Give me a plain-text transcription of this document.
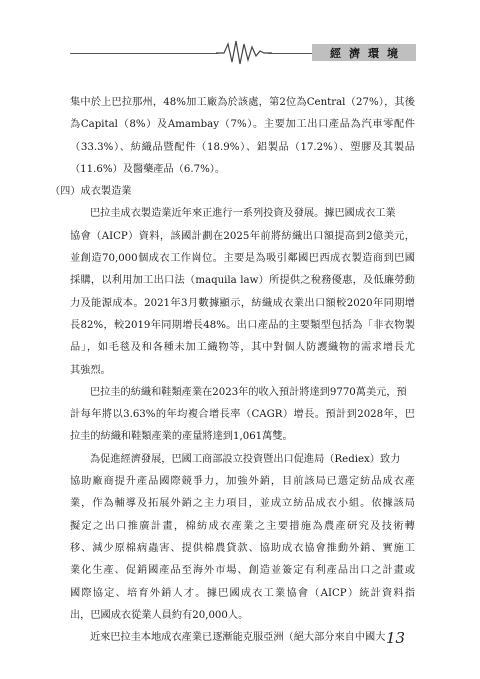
經濟環境
集中於上巴拉那州，48%加工廠為於該處，第2位為Central（27%），其後
為Capital（8%）及Amambay（7%）。主要加工出口產品為汽車零配件
（33.3%）、紡織品暨配件（18.9%）、鋁製品（17.2%）、塑膠及其製品
（11.6%）及醫藥產品（6.7%）。
（四）成衣製造業
巴拉圭成衣製造業近年來正進行一系列投資及發展。據巴國成衣工業
協會（AICP）資料，該國計劃在2025年前將紡織出口額提高到2億美元，
並創造70,000個成衣工作崗位。主要是為吸引鄰國巴西成衣製造商到巴國
採購，以利用加工出口法（maquila law）所提供之稅務優惠，及低廉勞動
力及能源成本。2021年3月數據顯示，紡織成衣業出口額較2020年同期增
長82%，較2019年同期增長48%。出口產品的主要類型包括為「非衣物製
品」，如毛毯及和各種未加工織物等，其中對個人防護織物的需求增長尤
其強烈。
巴拉圭的紡織和鞋類產業在2023年的收入預計將達到9770萬美元，預
計每年將以3.63%的年均複合增長率（CAGR）增長。預計到2028年，巴
拉圭的紡織和鞋類產業的產量將達到1,061萬雙。
為促進經濟發展，巴國工商部設立投資暨出口促進局（Rediex）致力
協助廠商提升產品國際競爭力，加強外銷，目前該局已選定紡品成衣產
業，作為輔導及拓展外銷之主力項目，並成立紡品成衣小組。依據該局
擬定之出口推廣計畫，棉紡成衣產業之主要措施為農產研究及技術轉
移、減少原棉病蟲害、提供棉農貸款、協助成衣協會推動外銷、實施工
業化生產、促銷國產品至海外市場、創造並簽定有利產品出口之計畫或
國際協定、培育外銷人才。據巴國成衣工業協會（AICP）統計資料指
出，巴國成衣從業人員約有20,000人。
近來巴拉圭本地成衣產業已逐漸能克服亞洲（絕大部分來自中國大 13
